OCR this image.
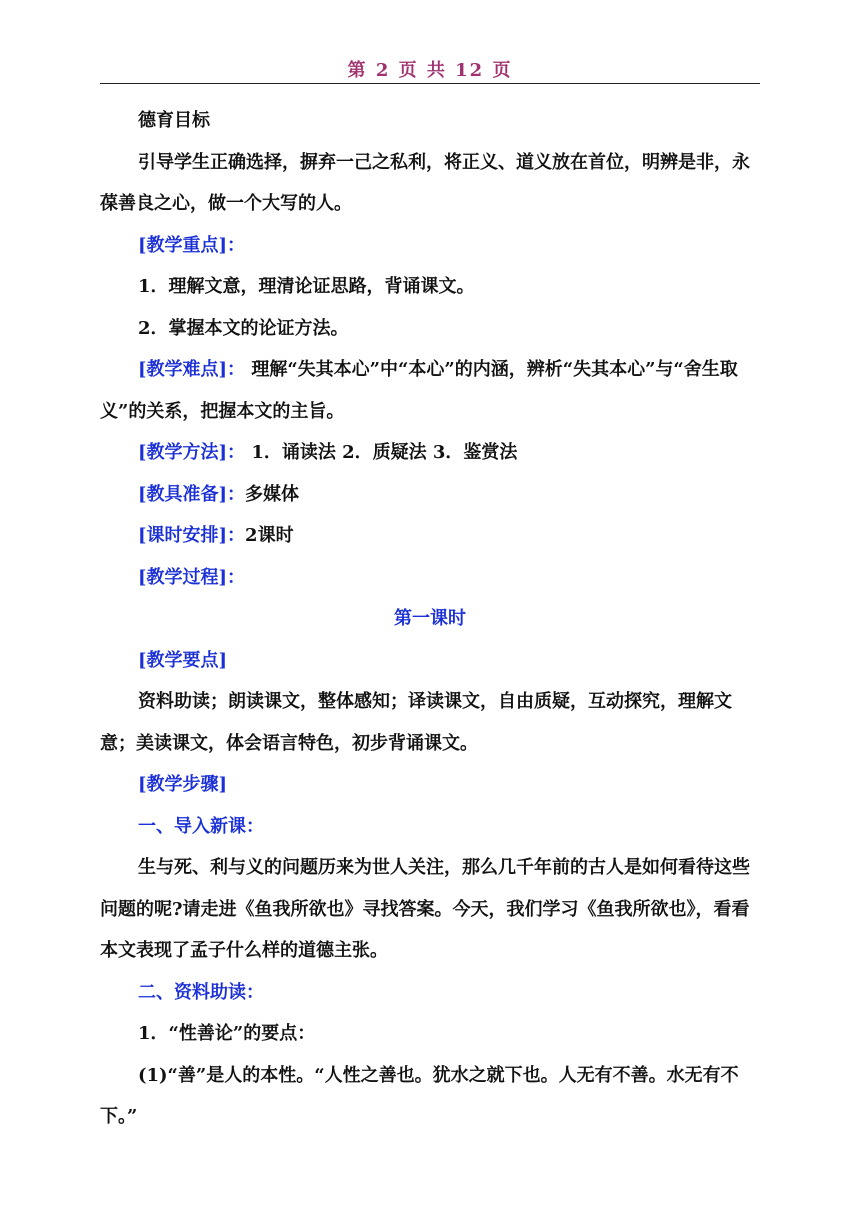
第 2 页 共 12 页

德育目标

引导学生正确选择，摒弃一己之私利，将正义、道义放在首位，明辨是非，永葆善良之心，做一个大写的人。

[教学重点]：

1．理解文意，理清论证思路，背诵课文。

2．掌握本文的论证方法。

[教学难点]： 理解“失其本心”中“本心”的内涵，辨析“失其本心”与“舍生取义”的关系，把握本文的主旨。

[教学方法]： 1．诵读法 2．质疑法 3．鉴赏法

[教具准备]：多媒体

[课时安排]：2课时

[教学过程]：

第一课时

[教学要点]

资料助读；朗读课文，整体感知；译读课文，自由质疑，互动探究，理解文意；美读课文，体会语言特色，初步背诵课文。

[教学步骤]

一、导入新课：

生与死、利与义的问题历来为世人关注，那么几千年前的古人是如何看待这些问题的呢?请走进《鱼我所欲也》寻找答案。今天，我们学习《鱼我所欲也》，看看本文表现了孟子什么样的道德主张。

二、资料助读：

1．“性善论”的要点：

(1)“善”是人的本性。“人性之善也。犹水之就下也。人无有不善。水无有不下。”
